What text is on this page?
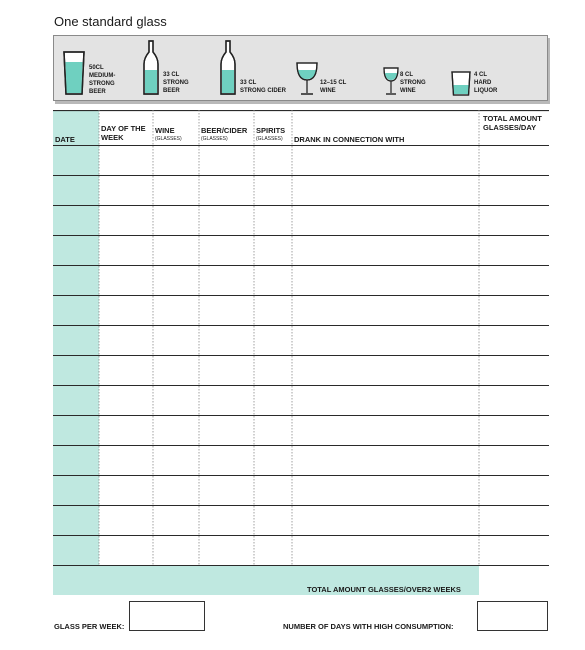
One standard glass
50CL
MEDIUM-
STRONG
BEER
33 CL
STRONG
BEER
33 CL
STRONG CIDER
12–15 CL
WINE
8 CL
STRONG
WINE
4 CL
HARD
LIQUOR
DATE
DAY OF THE WEEK
WINE
(GLASSES)
BEER/CIDER
(GLASSES)
SPIRITS
(GLASSES) DRANK IN CONNECTION WITH
TOTAL AMOUNT GLASSES/DAY
TOTAL AMOUNT GLASSES/OVER2 WEEKS
GLASS PER WEEK:	NUMBER OF DAYS WITH HIGH CONSUMPTION:
